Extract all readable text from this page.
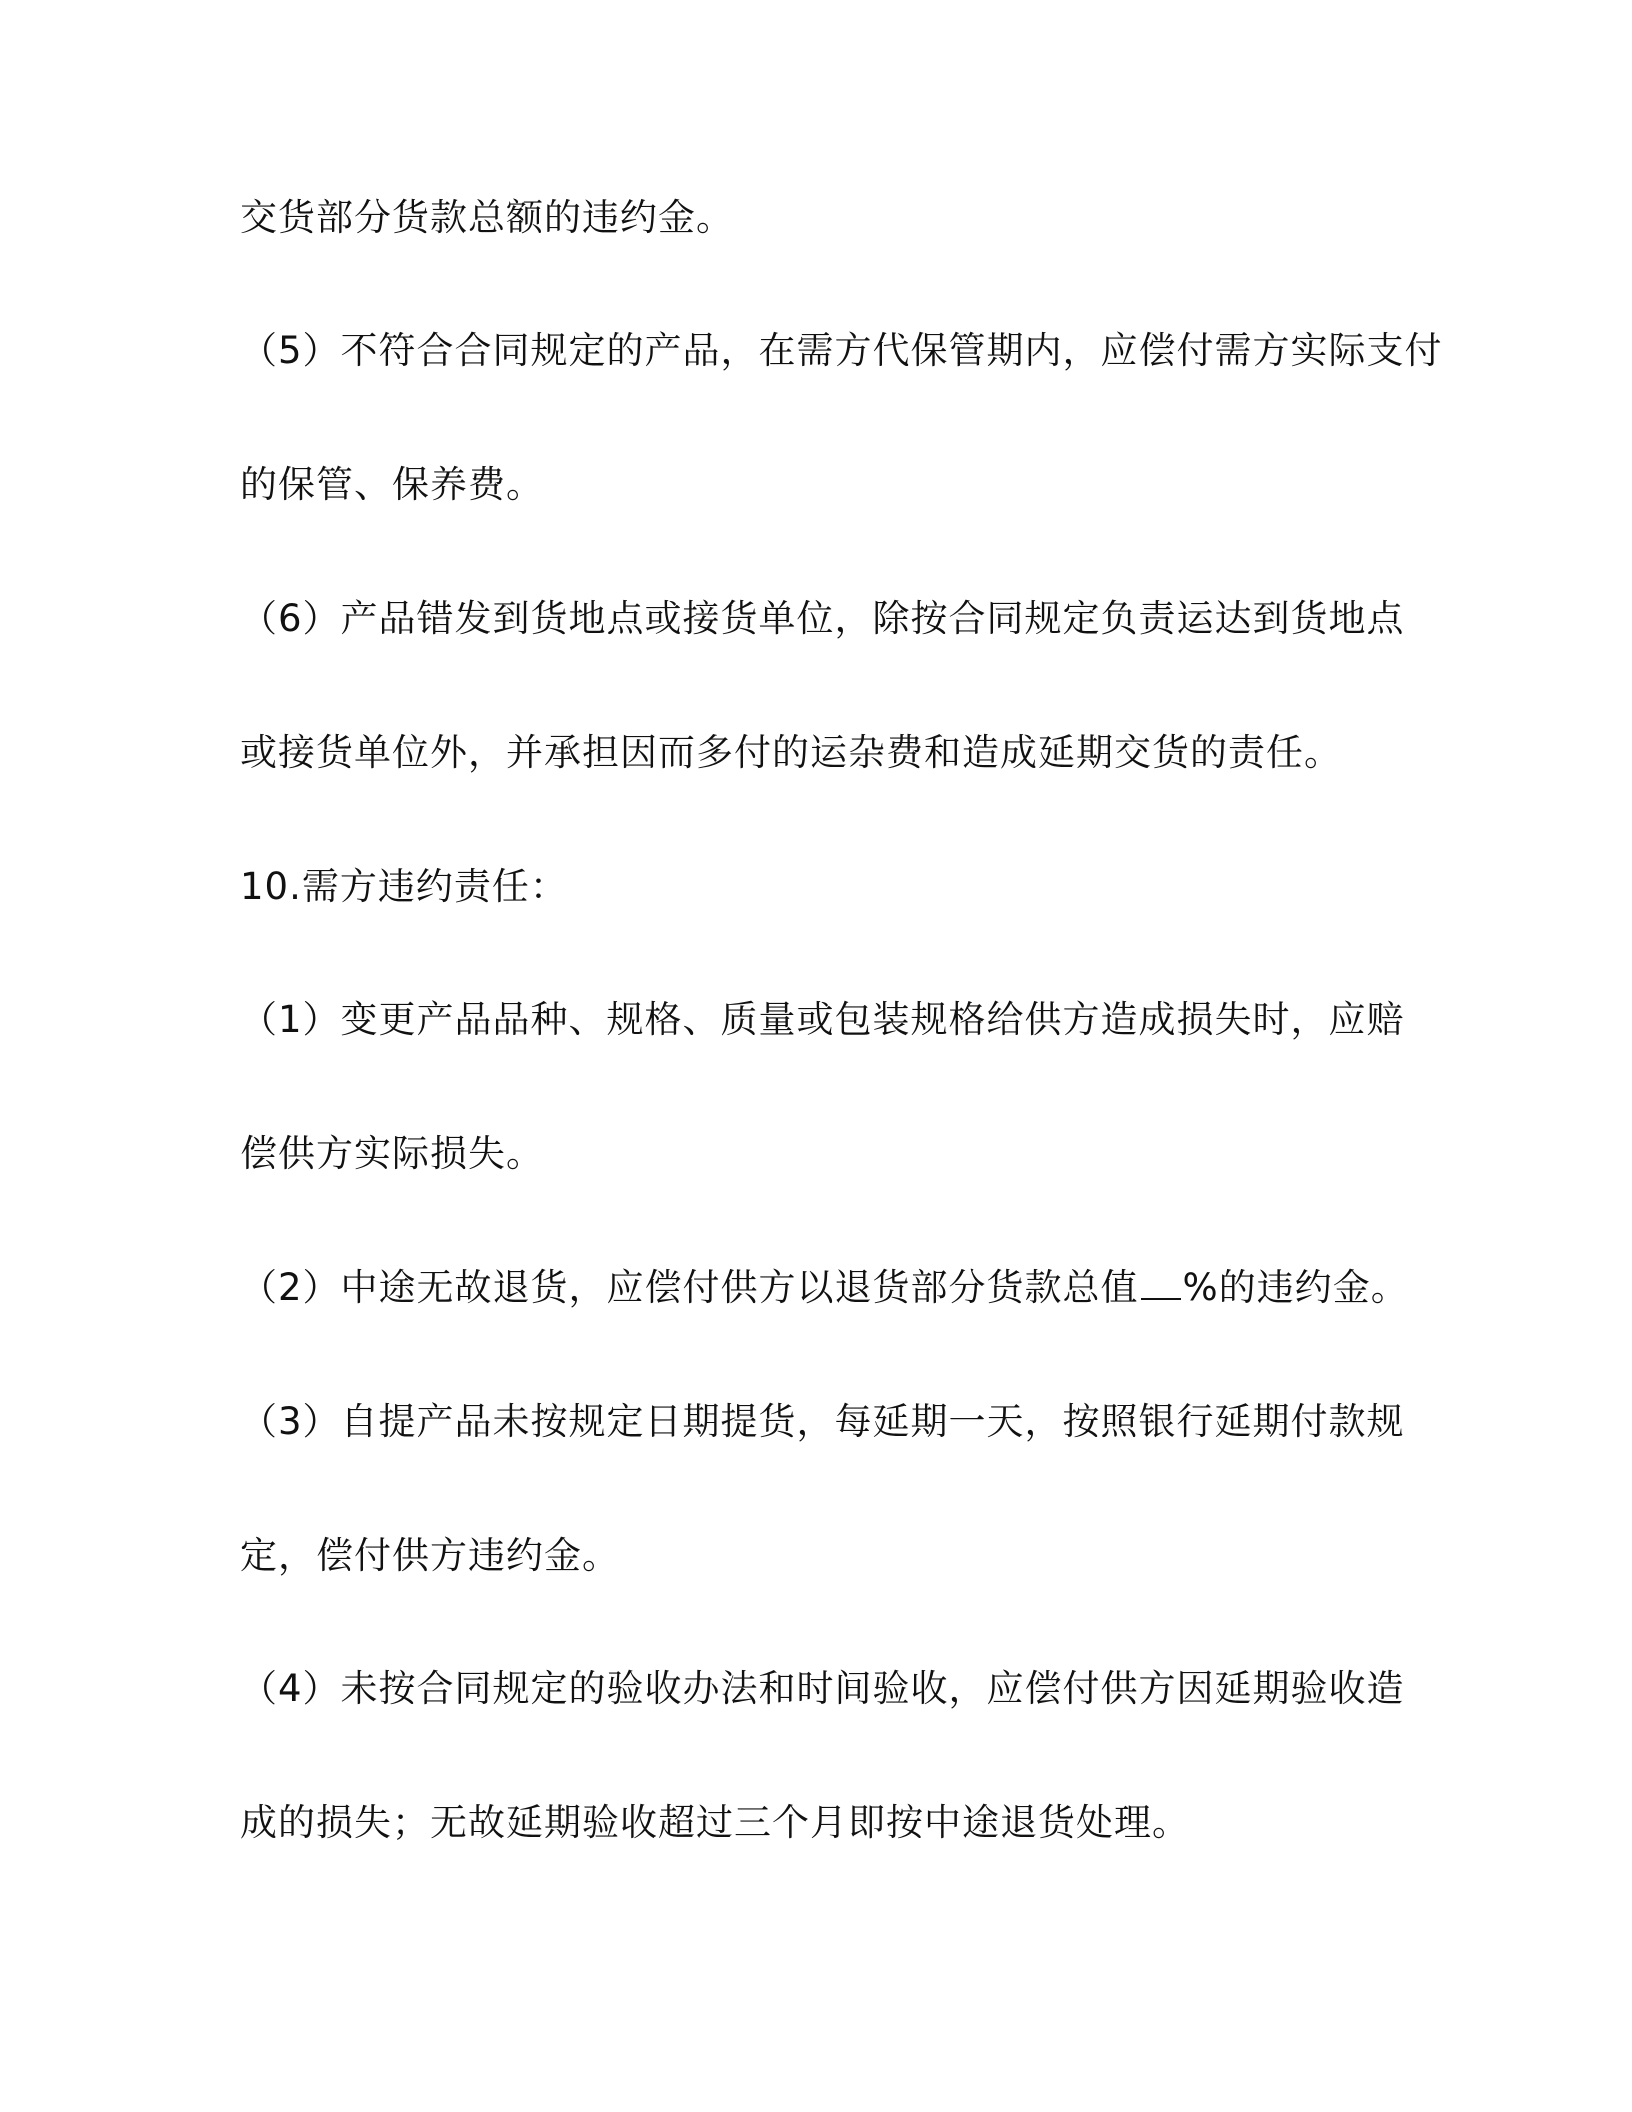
交货部分货款总额的违约金。
（5）不符合合同规定的产品，在需方代保管期内，应偿付需方实际支付
的保管、保养费。
（6）产品错发到货地点或接货单位，除按合同规定负责运达到货地点
或接货单位外，并承担因而多付的运杂费和造成延期交货的责任。
10.需方违约责任：
（1）变更产品品种、规格、质量或包装规格给供方造成损失时，应赔
偿供方实际损失。
（2）中途无故退货，应偿付供方以退货部分货款总值 %的违约金。
（3）自提产品未按规定日期提货，每延期一天，按照银行延期付款规
定，偿付供方违约金。
（4）未按合同规定的验收办法和时间验收，应偿付供方因延期验收造
成的损失；无故延期验收超过三个月即按中途退货处理。
